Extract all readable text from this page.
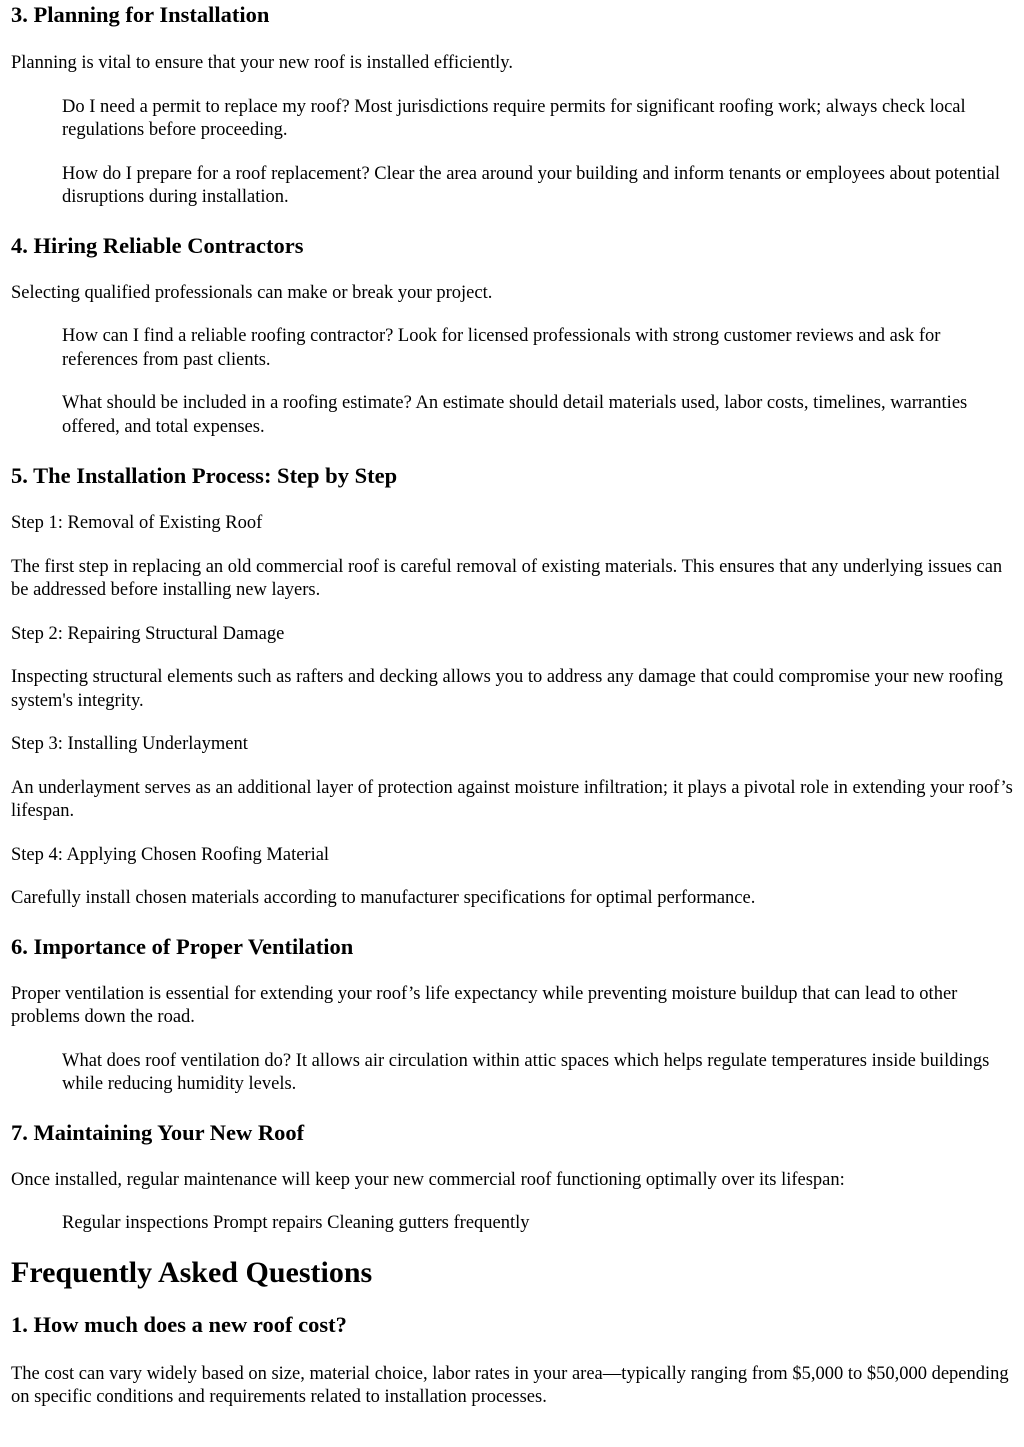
3. Planning for Installation

Planning is vital to ensure that your new roof is installed efficiently.

Do I need a permit to replace my roof? Most jurisdictions require permits for significant roofing work; always check local regulations before proceeding.

How do I prepare for a roof replacement? Clear the area around your building and inform tenants or employees about potential disruptions during installation.

4. Hiring Reliable Contractors

Selecting qualified professionals can make or break your project.

How can I find a reliable roofing contractor? Look for licensed professionals with strong customer reviews and ask for references from past clients.

What should be included in a roofing estimate? An estimate should detail materials used, labor costs, timelines, warranties offered, and total expenses.

5. The Installation Process: Step by Step

Step 1: Removal of Existing Roof

The first step in replacing an old commercial roof is careful removal of existing materials. This ensures that any underlying issues can be addressed before installing new layers.

Step 2: Repairing Structural Damage

Inspecting structural elements such as rafters and decking allows you to address any damage that could compromise your new roofing system's integrity.

Step 3: Installing Underlayment

An underlayment serves as an additional layer of protection against moisture infiltration; it plays a pivotal role in extending your roof’s lifespan.

Step 4: Applying Chosen Roofing Material

Carefully install chosen materials according to manufacturer specifications for optimal performance.

6. Importance of Proper Ventilation

Proper ventilation is essential for extending your roof’s life expectancy while preventing moisture buildup that can lead to other problems down the road.

What does roof ventilation do? It allows air circulation within attic spaces which helps regulate temperatures inside buildings while reducing humidity levels.

7. Maintaining Your New Roof

Once installed, regular maintenance will keep your new commercial roof functioning optimally over its lifespan:

Regular inspections Prompt repairs Cleaning gutters frequently

Frequently Asked Questions
1. How much does a new roof cost?

The cost can vary widely based on size, material choice, labor rates in your area—typically ranging from $5,000 to $50,000 depending on specific conditions and requirements related to installation processes.
